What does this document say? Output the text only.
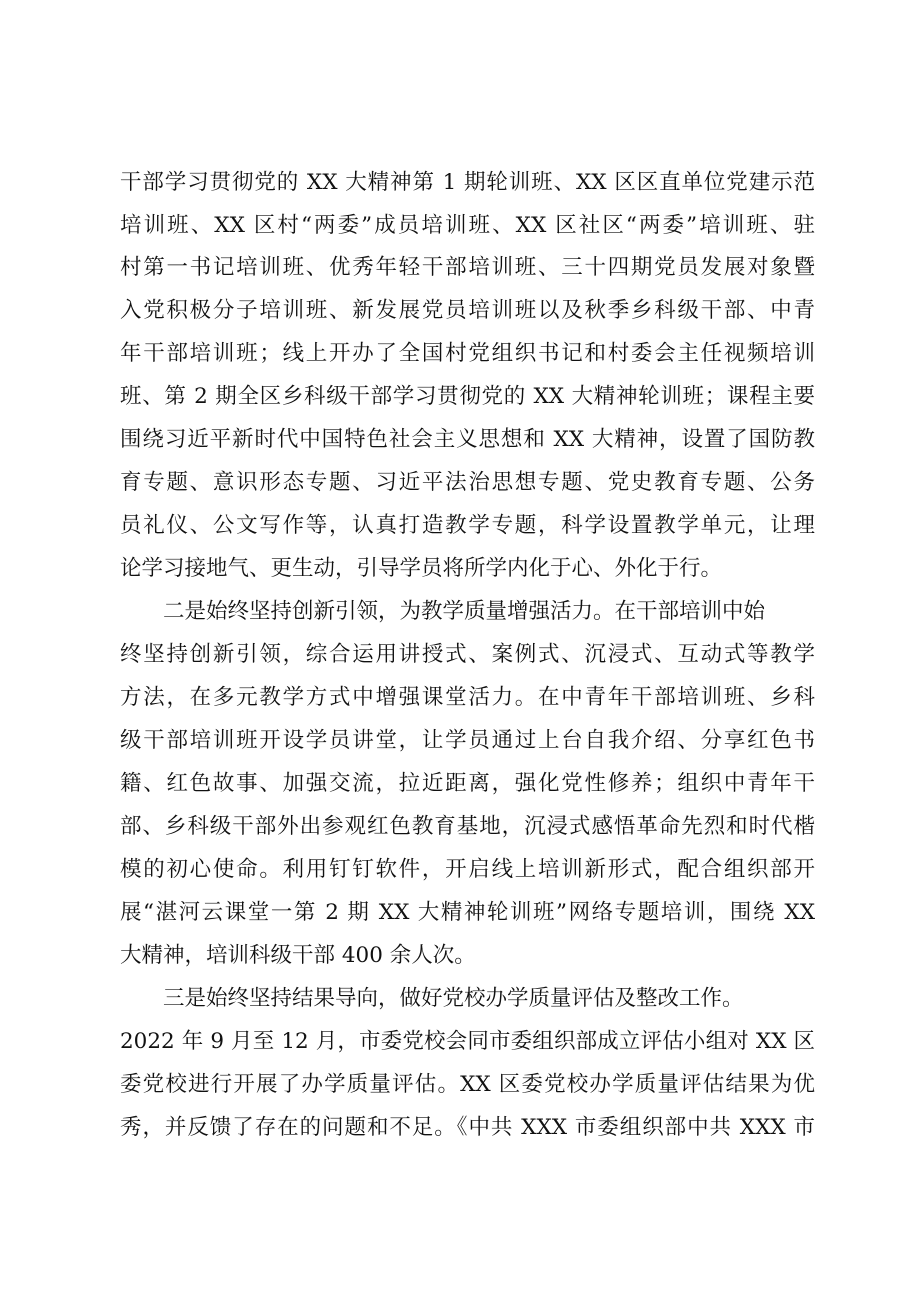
干部学习贯彻党的 XX 大精神第 1 期轮训班、XX 区区直单位党建示范
培训班、XX 区村“两委”成员培训班、XX 区社区“两委”培训班、驻
村第一书记培训班、优秀年轻干部培训班、三十四期党员发展对象暨
入党积极分子培训班、新发展党员培训班以及秋季乡科级干部、中青
年干部培训班；线上开办了全国村党组织书记和村委会主任视频培训
班、第 2 期全区乡科级干部学习贯彻党的 XX 大精神轮训班；课程主要
围绕习近平新时代中国特色社会主义思想和 XX 大精神，设置了国防教
育专题、意识形态专题、习近平法治思想专题、党史教育专题、公务
员礼仪、公文写作等，认真打造教学专题，科学设置教学单元，让理
论学习接地气、更生动，引导学员将所学内化于心、外化于行。
二是始终坚持创新引领，为教学质量增强活力。在干部培训中始
终坚持创新引领，综合运用讲授式、案例式、沉浸式、互动式等教学
方法，在多元教学方式中增强课堂活力。在中青年干部培训班、乡科
级干部培训班开设学员讲堂，让学员通过上台自我介绍、分享红色书
籍、红色故事、加强交流，拉近距离，强化党性修养；组织中青年干
部、乡科级干部外出参观红色教育基地，沉浸式感悟革命先烈和时代楷
模的初心使命。利用钉钉软件，开启线上培训新形式，配合组织部开
展“湛河云课堂一第 2 期 XX 大精神轮训班”网络专题培训，围绕 XX
大精神，培训科级干部 400 余人次。
三是始终坚持结果导向，做好党校办学质量评估及整改工作。
2022 年 9 月至 12 月，市委党校会同市委组织部成立评估小组对 XX 区
委党校进行开展了办学质量评估。XX 区委党校办学质量评估结果为优
秀，并反馈了存在的问题和不足。《中共 XXX 市委组织部中共 XXX 市
